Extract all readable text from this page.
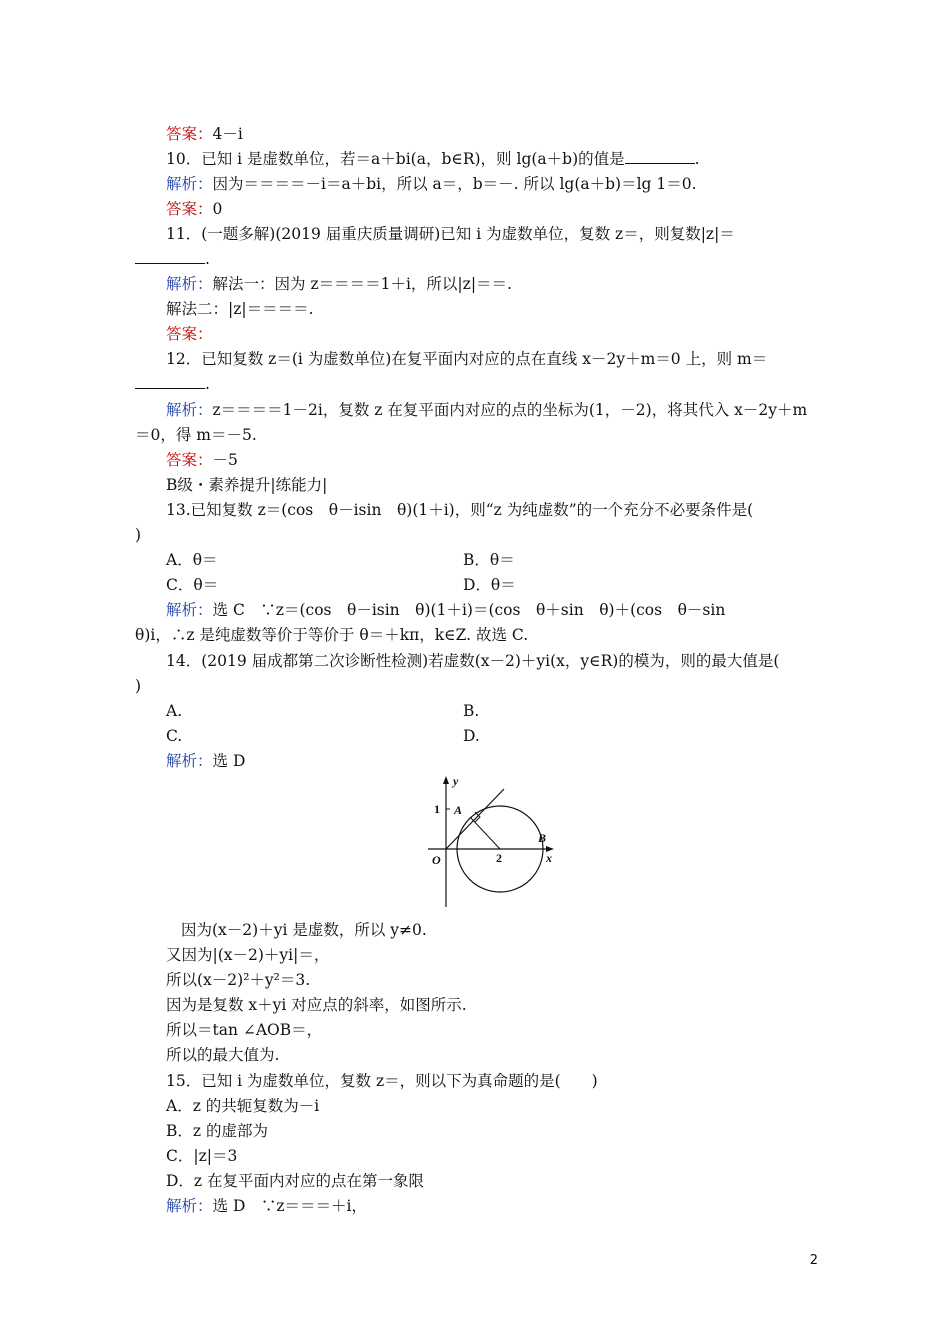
答案：4－i
10．已知 i 是虚数单位，若＝a＋bi(a，b∈R)，则 lg(a＋b)的值是	.
解析：因为＝＝＝＝－i＝a＋bi，所以 a＝，b＝－. 所以 lg(a＋b)＝lg 1＝0.
答案：0
11．(一题多解)(2019 届重庆质量调研)已知 i 为虚数单位，复数 z＝，则复数|z|＝
.
解析：解法一：因为 z＝＝＝＝1＋i，所以|z|＝＝.
解法二：|z|＝＝＝＝.
答案：
12．已知复数 z＝(i 为虚数单位)在复平面内对应的点在直线 x－2y＋m＝0 上，则 m＝
.
解析：z＝＝＝＝1－2i，复数 z 在复平面内对应的点的坐标为(1，－2)，将其代入 x－2y＋m
＝0，得 m＝－5.
答案：－5
B级・素养提升|练能力|
13.已知复数 z＝(cos　θ－isin　θ)(1＋i)，则“z 为纯虚数”的一个充分不必要条件是(
)
A．θ＝	B．θ＝
C．θ＝	D．θ＝
解析：选 C　∵z＝(cos　θ－isin　θ)(1＋i)＝(cos　θ＋sin　θ)＋(cos　θ－sin
θ)i，∴z 是纯虚数等价于等价于 θ＝＋kπ，k∈Z. 故选 C.
14．(2019 届成都第二次诊断性检测)若虚数(x－2)＋yi(x，y∈R)的模为，则的最大值是(
)
A.	B.
C.	D.
解析：选 D
y
x
O
1
2
A
B
因为(x－2)＋yi 是虚数，所以 y≠0.
又因为|(x－2)＋yi|＝，
所以(x－2)²＋y²＝3.
因为是复数 x＋yi 对应点的斜率，如图所示.
所以＝tan ∠AOB＝，
所以的最大值为.
15．已知 i 为虚数单位，复数 z＝，则以下为真命题的是(　　)
A．z 的共轭复数为－i
B．z 的虚部为
C．|z|＝3
D．z 在复平面内对应的点在第一象限
解析：选 D　∵z＝＝＝＋i，
2
